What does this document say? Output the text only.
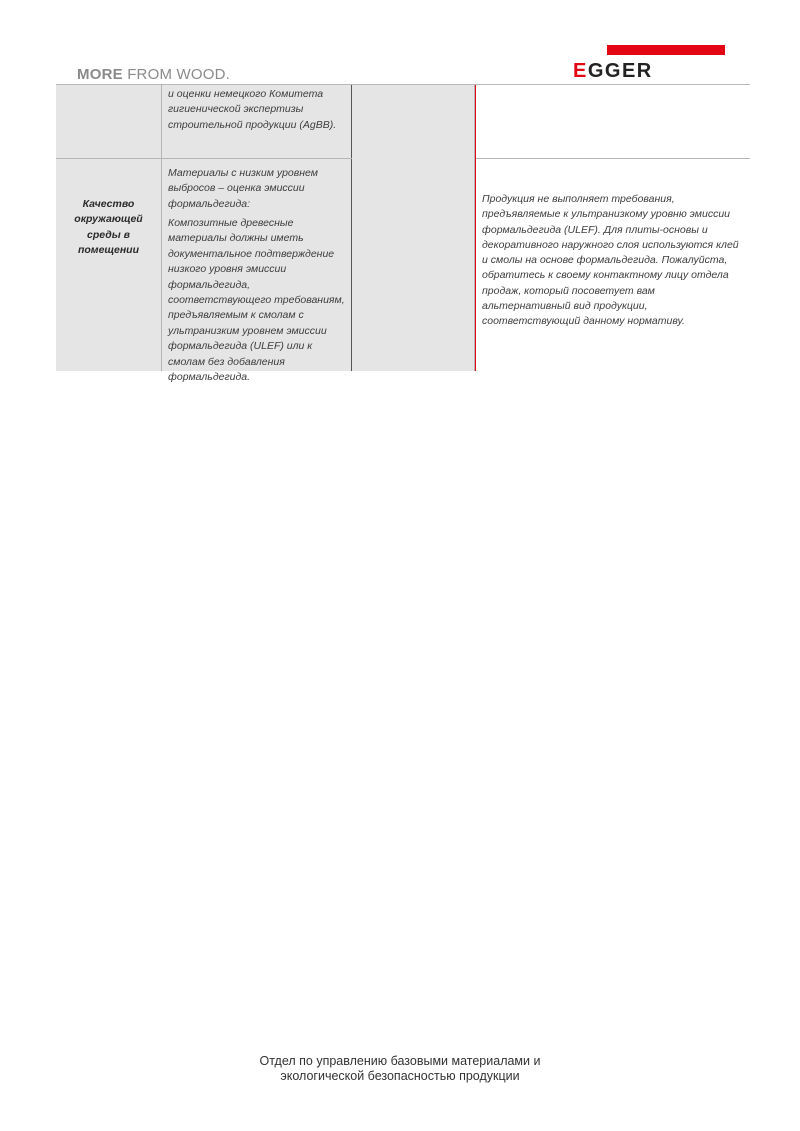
MORE FROM WOOD.	EGGER
и оценки немецкого Комитета гигиенической экспертизы строительной продукции (AgBB).
Качество окружающей среды в помещении
Материалы с низким уровнем выбросов – оценка эмиссии формальдегида:
Композитные древесные материалы должны иметь документальное подтверждение низкого уровня эмиссии формальдегида, соответствующего требованиям, предъявляемым к смолам с ультранизким уровнем эмиссии формальдегида (ULEF) или к смолам без добавления формальдегида.
Продукция не выполняет требования, предъявляемые к ультранизкому уровню эмиссии формальдегида (ULEF). Для плиты-основы и декоративного наружного слоя используются клей и смолы на основе формальдегида. Пожалуйста, обратитесь к своему контактному лицу отдела продаж, который посоветует вам альтернативный вид продукции, соответствующий данному нормативу.
Отдел по управлению базовыми материалами и
экологической безопасностью продукции
